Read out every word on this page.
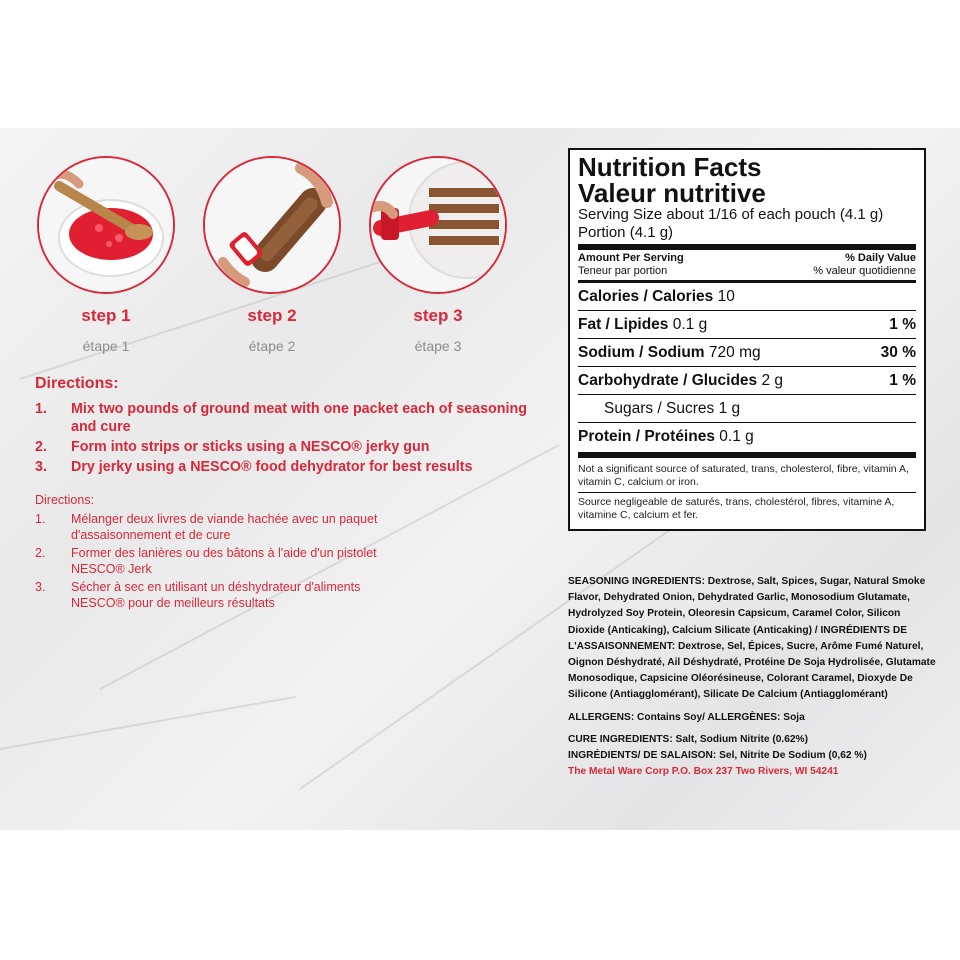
step 1
étape 1
step 2
étape 2
step 3
étape 3
Directions:
1.	Mix two pounds of ground meat with one packet each of seasoning and cure
2.	Form into strips or sticks using a NESCO® jerky gun
3.	Dry jerky using a NESCO® food dehydrator for best results
Directions:
1.	Mélanger deux livres de viande hachée avec un paquet d'assaisonnement et de cure
2.	Former des lanières ou des bâtons à l'aide d'un pistolet NESCO® Jerk
3.	Sécher à sec en utilisant un déshydrateur d'aliments NESCO® pour de meilleurs résultats
Nutrition Facts
Valeur nutritive
Serving Size about 1/16 of each pouch (4.1 g)
Portion (4.1 g)
Amount Per Serving	% Daily Value
Teneur par portion	% valeur quotidienne
Calories / Calories 10
Fat / Lipides 0.1 g	1 %
Sodium / Sodium 720 mg	30 %
Carbohydrate / Glucides 2 g	1 %
Sugars / Sucres 1 g
Protein / Protéines 0.1 g
Not a significant source of saturated, trans, cholesterol, fibre, vitamin A, vitamin C, calcium or iron.
Source negligeable de saturés, trans, cholestérol, fibres, vitamine A, vitamine C, calcium et fer.

SEASONING INGREDIENTS: Dextrose, Salt, Spices, Sugar, Natural Smoke Flavor, Dehydrated Onion, Dehydrated Garlic, Monosodium Glutamate, Hydrolyzed Soy Protein, Oleoresin Capsicum, Caramel Color, Silicon Dioxide (Anticaking), Calcium Silicate (Anticaking) / INGRÉDIENTS DE L'ASSAISONNEMENT: Dextrose, Sel, Épices, Sucre, Arôme Fumé Naturel, Oignon Déshydraté, Ail Déshydraté, Protéine De Soja Hydrolisée, Glutamate Monosodique, Capsicine Oléorésineuse, Colorant Caramel, Dioxyde De Silicone (Antiagglomérant), Silicate De Calcium (Antiagglomérant)

ALLERGENS: Contains Soy/ ALLERGÈNES: Soja

CURE INGREDIENTS: Salt, Sodium Nitrite (0.62%)

INGRÉDIENTS/ DE SALAISON: Sel, Nitrite De Sodium (0,62 %)

The Metal Ware Corp P.O. Box 237 Two Rivers, WI 54241
